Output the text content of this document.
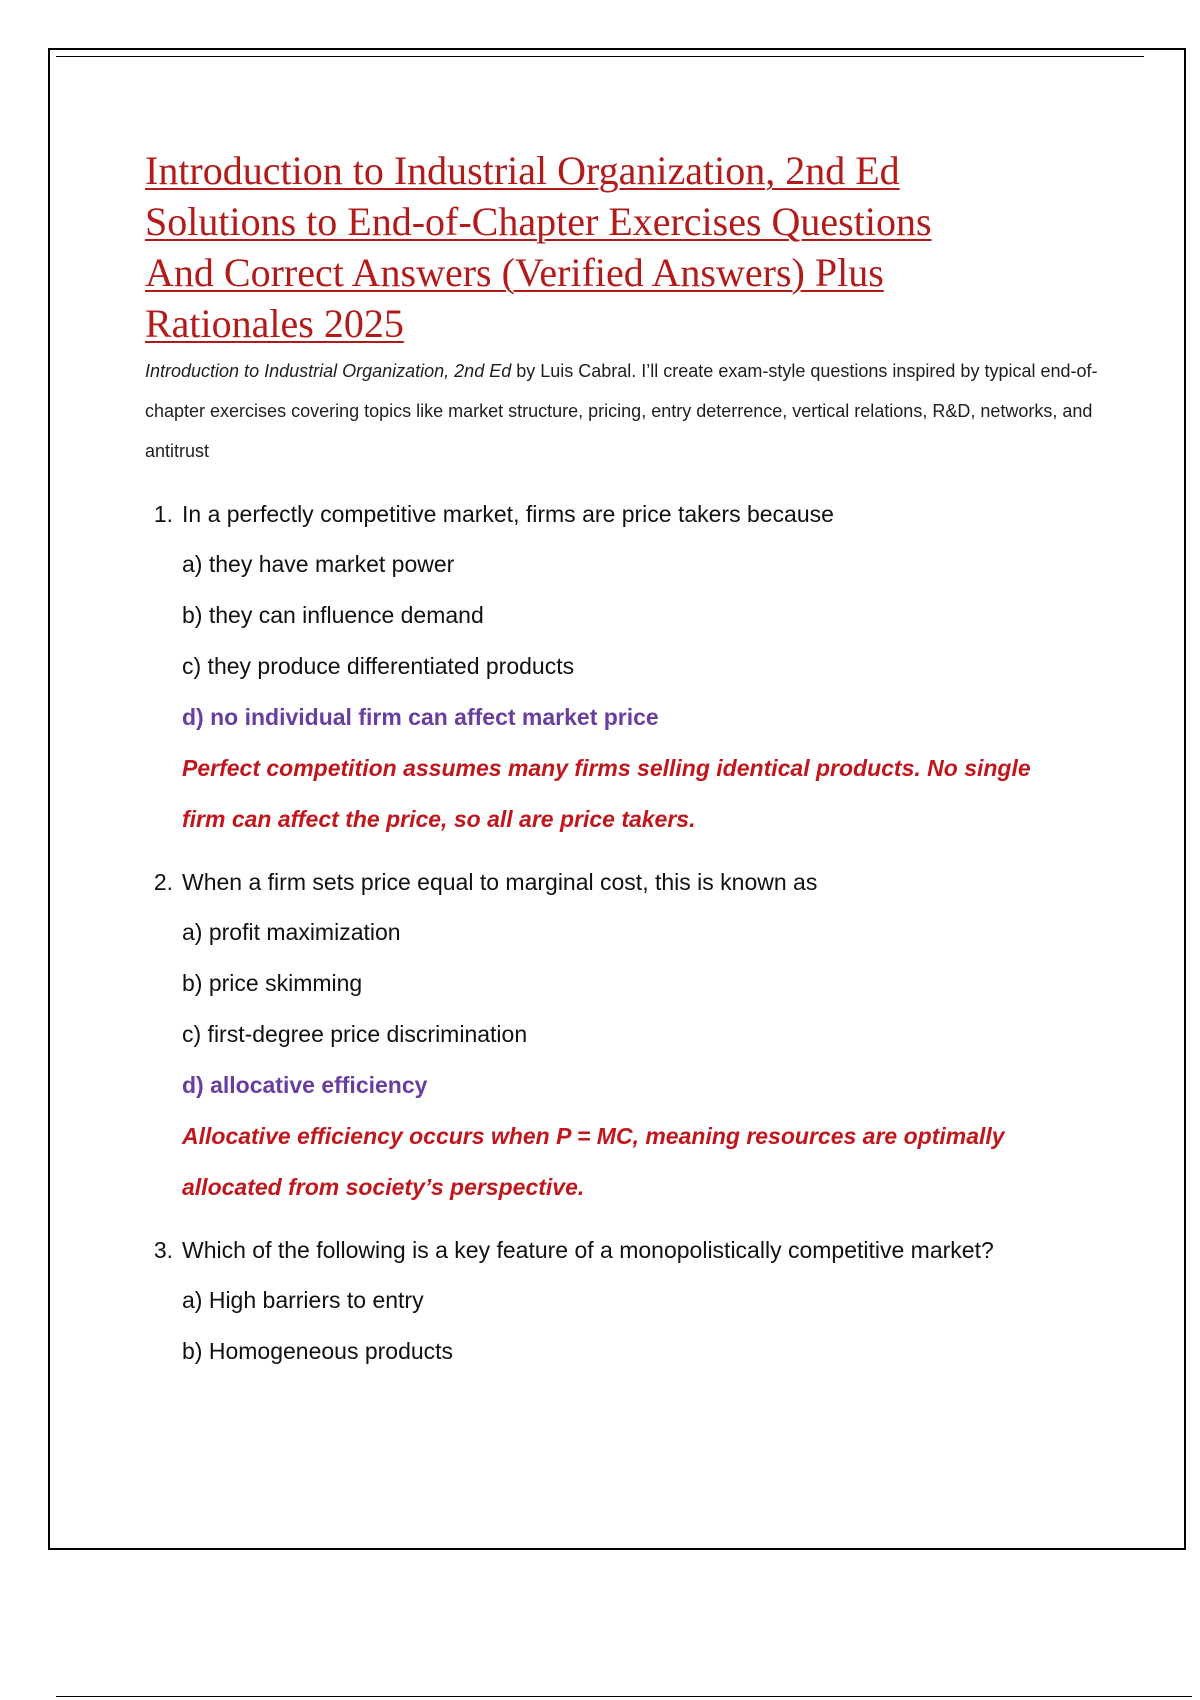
Introduction to Industrial Organization, 2nd Ed
Solutions to End-of-Chapter Exercises Questions
And Correct Answers (Verified Answers) Plus
Rationales 2025

Introduction to Industrial Organization, 2nd Ed by Luis Cabral. I’ll create exam-style questions inspired by typical end-of-chapter exercises covering topics like market structure, pricing, entry deterrence, vertical relations, R&D, networks, and antitrust

1. In a perfectly competitive market, firms are price takers because
a) they have market power
b) they can influence demand
c) they produce differentiated products
d) no individual firm can affect market price

Perfect competition assumes many firms selling identical products. No single firm can affect the price, so all are price takers.

2. When a firm sets price equal to marginal cost, this is known as
a) profit maximization
b) price skimming
c) first-degree price discrimination
d) allocative efficiency

Allocative efficiency occurs when P = MC, meaning resources are optimally allocated from society’s perspective.

3. Which of the following is a key feature of a monopolistically competitive market?
a) High barriers to entry
b) Homogeneous products
